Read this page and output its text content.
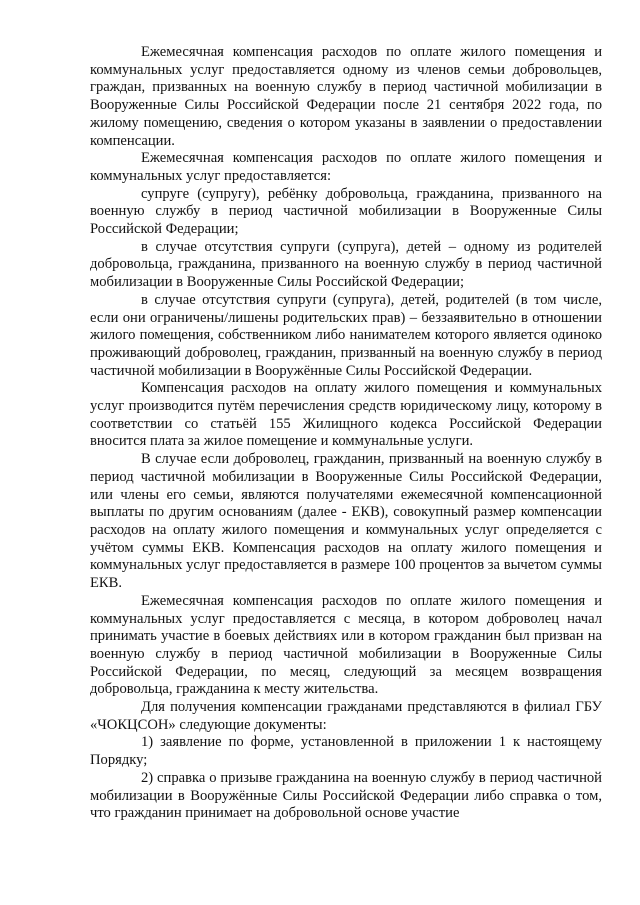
Ежемесячная компенсация расходов по оплате жилого помещения и коммунальных услуг предоставляется одному из членов семьи добровольцев, граждан, призванных на военную службу в период частичной мобилизации в Вооруженные Силы Российской Федерации после 21 сентября 2022 года, по жилому помещению, сведения о котором указаны в заявлении о предоставлении компенсации.

Ежемесячная компенсация расходов по оплате жилого помещения и коммунальных услуг предоставляется:

супруге (супругу), ребёнку добровольца, гражданина, призванного на военную службу в период частичной мобилизации в Вооруженные Силы Российской Федерации;

в случае отсутствия супруги (супруга), детей – одному из родителей добровольца, гражданина, призванного на военную службу в период частичной мобилизации в Вооруженные Силы Российской Федерации;

в случае отсутствия супруги (супруга), детей, родителей (в том числе, если они ограничены/лишены родительских прав) – беззаявительно в отношении жилого помещения, собственником либо нанимателем которого является одиноко проживающий доброволец, гражданин, призванный на военную службу в период частичной мобилизации в Вооружённые Силы Российской Федерации.

Компенсация расходов на оплату жилого помещения и коммунальных услуг производится путём перечисления средств юридическому лицу, которому в соответствии со статьёй 155 Жилищного кодекса Российской Федерации вносится плата за жилое помещение и коммунальные услуги.

В случае если доброволец, гражданин, призванный на военную службу в период частичной мобилизации в Вооруженные Силы Российской Федерации, или члены его семьи, являются получателями ежемесячной компенсационной выплаты по другим основаниям (далее - ЕКВ), совокупный размер компенсации расходов на оплату жилого помещения и коммунальных услуг определяется с учётом суммы ЕКВ. Компенсация расходов на оплату жилого помещения и коммунальных услуг предоставляется в размере 100 процентов за вычетом суммы ЕКВ.

Ежемесячная компенсация расходов по оплате жилого помещения и коммунальных услуг предоставляется с месяца, в котором доброволец начал принимать участие в боевых действиях или в котором гражданин был призван на военную службу в период частичной мобилизации в Вооруженные Силы Российской Федерации, по месяц, следующий за месяцем возвращения добровольца, гражданина к месту жительства.

Для получения компенсации гражданами представляются в филиал ГБУ «ЧОКЦСОН» следующие документы:

1) заявление по форме, установленной в приложении 1 к настоящему Порядку;

2) справка о призыве гражданина на военную службу в период частичной мобилизации в Вооружённые Силы Российской Федерации либо справка о том, что гражданин принимает на добровольной основе участие
